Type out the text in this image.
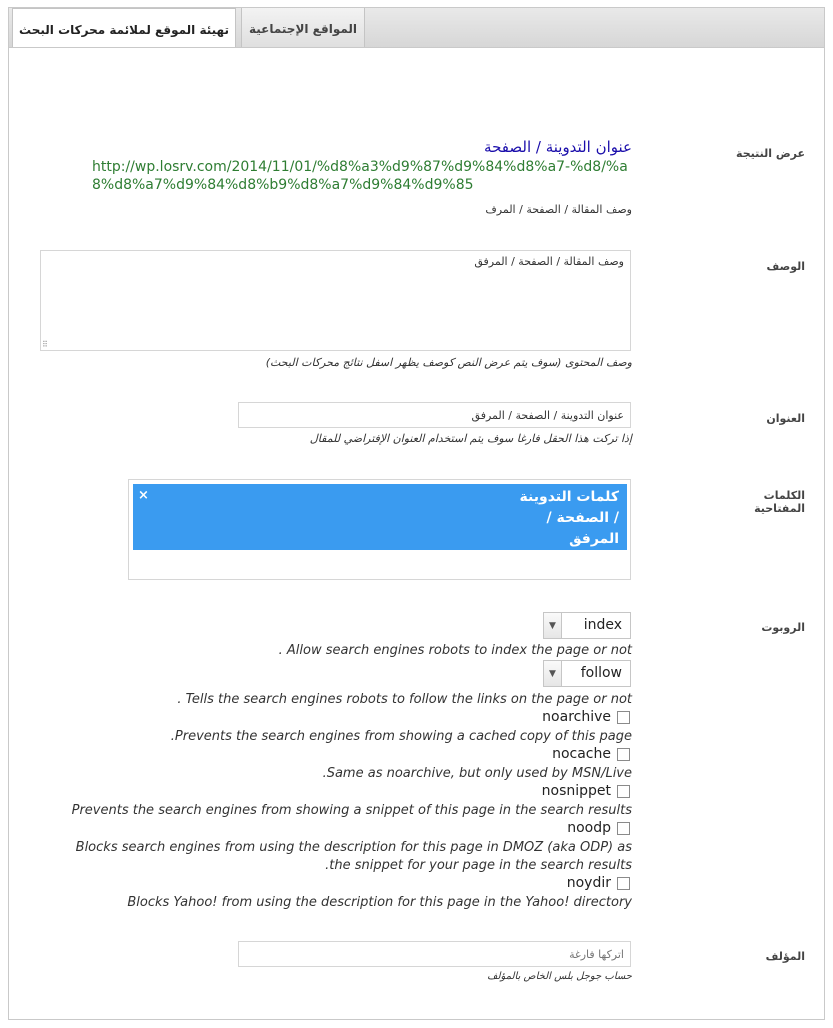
المواقع الإجتماعية
تهيئة الموقع لملائمة محركات البحث
عرض النتيجة
عنوان التدوينة / الصفحة
http://wp.losrv.com/2014/11/01/%d8%a3%d9%87%d9%84%d8%a7-%d8/%a8%d8%a7%d9%84%d8%b9%d8%a7%d9%84%d9%85
وصف المقالة / الصفحة / المرف
الوصف
وصف المقالة / الصفحة / المرفق
⠿
وصف المحتوى (سوف يتم عرض النص كوصف يظهر اسفل نتائج محركات البحث)
العنوان
عنوان التدوينة / الصفحة / المرفق
إذا تركت هذا الحقل فارغا سوف يتم استخدام العنوان الإفتراضي للمقال
الكلمات المفتاحية
×	كلمات التدوينة
/ الصفحة /
المرفق
الروبوت
▼	index
. Allow search engines robots to index the page or not
▼	follow
. Tells the search engines robots to follow the links on the page or not
noarchive
.Prevents the search engines from showing a cached copy of this page
nocache
.Same as noarchive, but only used by MSN/Live
nosnippet
Prevents the search engines from showing a snippet of this page in the search results
noodp
Blocks search engines from using the description for this page in DMOZ (aka ODP) as
.the snippet for your page in the search results
noydir
Blocks Yahoo! from using the description for this page in the Yahoo! directory
المؤلف
اتركها فارغة
حساب جوجل بلس الخاص بالمؤلف
